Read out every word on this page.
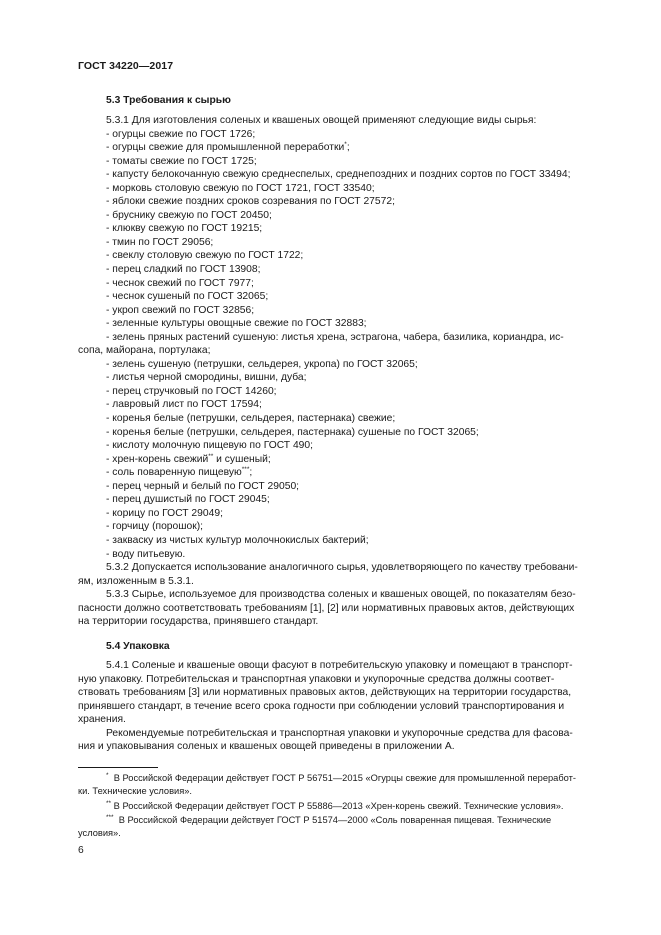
ГОСТ 34220—2017
5.3 Требования к сырью

5.3.1 Для изготовления соленых и квашеных овощей применяют следующие виды сырья:

- огурцы свежие по ГОСТ 1726;
- огурцы свежие для промышленной переработки*;
- томаты свежие по ГОСТ 1725;
- капусту белокочанную свежую среднеспелых, среднепоздних и поздних сортов по ГОСТ 33494;
- морковь столовую свежую по ГОСТ 1721, ГОСТ 33540;
- яблоки свежие поздних сроков созревания по ГОСТ 27572;
- бруснику свежую по ГОСТ 20450;
- клюкву свежую по ГОСТ 19215;
- тмин по ГОСТ 29056;
- свеклу столовую свежую по ГОСТ 1722;
- перец сладкий по ГОСТ 13908;
- чеснок свежий по ГОСТ 7977;
- чеснок сушеный по ГОСТ 32065;
- укроп свежий по ГОСТ 32856;
- зеленные культуры овощные свежие по ГОСТ 32883;
- зелень пряных растений сушеную: листья хрена, эстрагона, чабера, базилика, кориандра, ис-
сопа, майорана, портулака;
- зелень сушеную (петрушки, сельдерея, укропа) по ГОСТ 32065;
- листья черной смородины, вишни, дуба;
- перец стручковый по ГОСТ 14260;
- лавровый лист по ГОСТ 17594;
- коренья белые (петрушки, сельдерея, пастернака) свежие;
- коренья белые (петрушки, сельдерея, пастернака) сушеные по ГОСТ 32065;
- кислоту молочную пищевую по ГОСТ 490;
- хрен-корень свежий** и сушеный;
- соль поваренную пищевую***;
- перец черный и белый по ГОСТ 29050;
- перец душистый по ГОСТ 29045;
- корицу по ГОСТ 29049;
- горчицу (порошок);
- закваску из чистых культур молочнокислых бактерий;
- воду питьевую.
5.3.2 Допускается использование аналогичного сырья, удовлетворяющего по качеству требовани-
ям, изложенным в 5.3.1.
5.3.3 Сырье, используемое для производства соленых и квашеных овощей, по показателям безо-
пасности должно соответствовать требованиям [1], [2] или нормативных правовых актов, действующих
на территории государства, принявшего стандарт.
5.4 Упаковка
5.4.1 Соленые и квашеные овощи фасуют в потребительскую упаковку и помещают в транспорт-
ную упаковку. Потребительская и транспортная упаковки и укупорочные средства должны соответ-
ствовать требованиям [3] или нормативных правовых актов, действующих на территории государства,
принявшего стандарт, в течение всего срока годности при соблюдении условий транспортирования и
хранения.
Рекомендуемые потребительская и транспортная упаковки и укупорочные средства для фасова-
ния и упаковывания соленых и квашеных овощей приведены в приложении А.
* В Российской Федерации действует ГОСТ Р 56751—2015 «Огурцы свежие для промышленной переработ-
ки. Технические условия».
** В Российской Федерации действует ГОСТ Р 55886—2013 «Хрен-корень свежий. Технические условия».
*** В Российской Федерации действует ГОСТ Р 51574—2000 «Соль поваренная пищевая. Технические
условия».
6
